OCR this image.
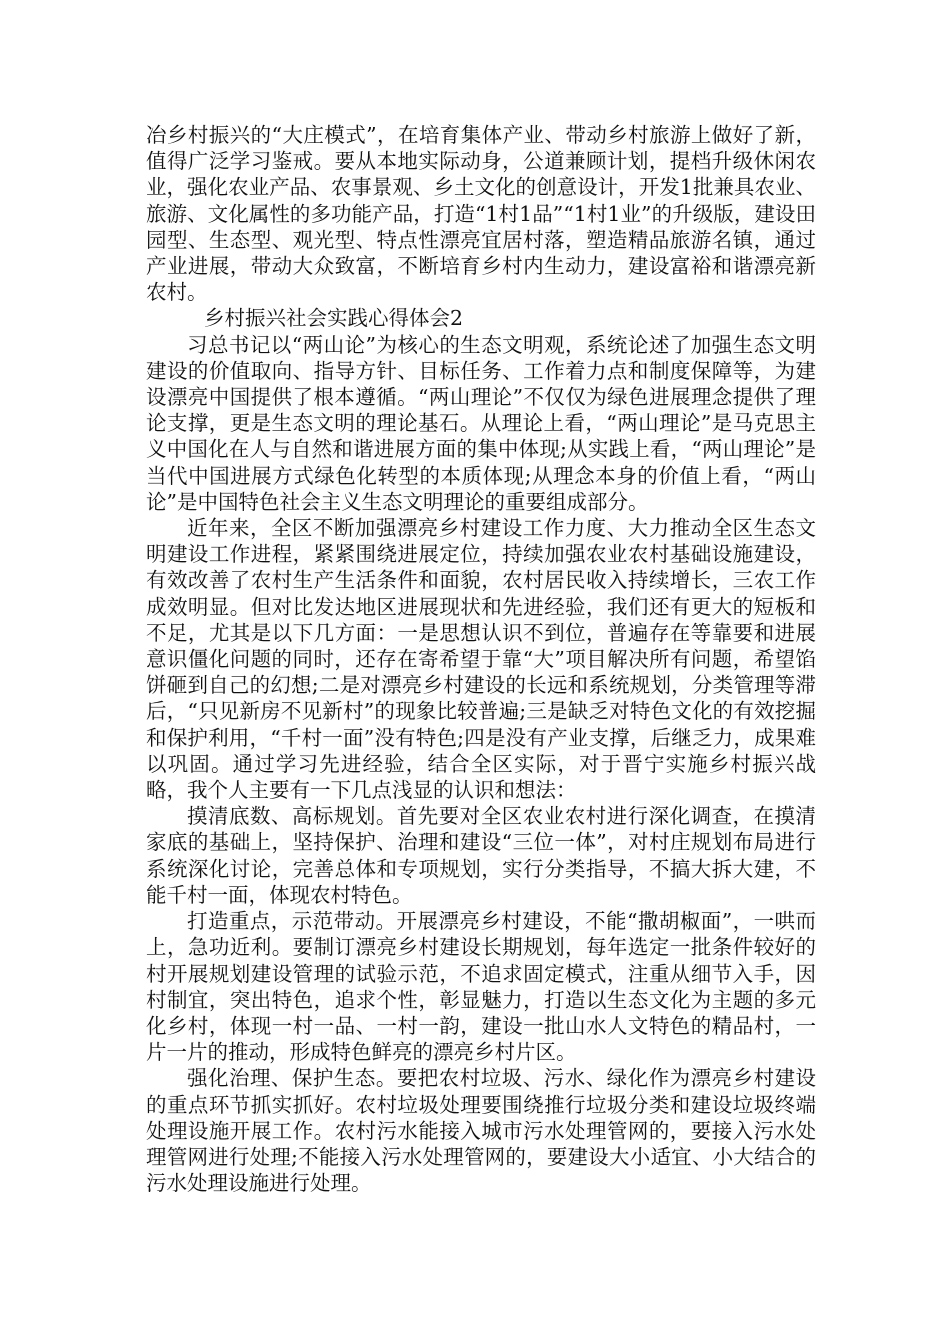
冶乡村振兴的“大庄模式”，在培育集体产业、带动乡村旅游上做好了新，值得广泛学习鉴戒。要从本地实际动身，公道兼顾计划，提档升级休闲农业，强化农业产品、农事景观、乡土文化的创意设计，开发1批兼具农业、旅游、文化属性的多功能产品，打造“1村1品”“1村1业”的升级版，建设田园型、生态型、观光型、特点性漂亮宜居村落，塑造精品旅游名镇，通过产业进展，带动大众致富，不断培育乡村内生动力，建设富裕和谐漂亮新农村。

乡村振兴社会实践心得体会2

习总书记以“两山论”为核心的生态文明观，系统论述了加强生态文明建设的价值取向、指导方针、目标任务、工作着力点和制度保障等，为建设漂亮中国提供了根本遵循。“两山理论”不仅仅为绿色进展理念提供了理论支撑，更是生态文明的理论基石。从理论上看，“两山理论”是马克思主义中国化在人与自然和谐进展方面的集中体现;从实践上看，“两山理论”是当代中国进展方式绿色化转型的本质体现;从理念本身的价值上看，“两山论”是中国特色社会主义生态文明理论的重要组成部分。

近年来，全区不断加强漂亮乡村建设工作力度、大力推动全区生态文明建设工作进程，紧紧围绕进展定位，持续加强农业农村基础设施建设，有效改善了农村生产生活条件和面貌，农村居民收入持续增长，三农工作成效明显。但对比发达地区进展现状和先进经验，我们还有更大的短板和不足，尤其是以下几方面：一是思想认识不到位，普遍存在等靠要和进展意识僵化问题的同时，还存在寄希望于靠“大”项目解决所有问题，希望馅饼砸到自己的幻想;二是对漂亮乡村建设的长远和系统规划，分类管理等滞后，“只见新房不见新村”的现象比较普遍;三是缺乏对特色文化的有效挖掘和保护利用，“千村一面”没有特色;四是没有产业支撑，后继乏力，成果难以巩固。通过学习先进经验，结合全区实际，对于晋宁实施乡村振兴战略，我个人主要有一下几点浅显的认识和想法：

摸清底数、高标规划。首先要对全区农业农村进行深化调查，在摸清家底的基础上，坚持保护、治理和建设“三位一体”，对村庄规划布局进行系统深化讨论，完善总体和专项规划，实行分类指导，不搞大拆大建，不能千村一面，体现农村特色。

打造重点，示范带动。开展漂亮乡村建设，不能“撒胡椒面”，一哄而上，急功近利。要制订漂亮乡村建设长期规划，每年选定一批条件较好的村开展规划建设管理的试验示范，不追求固定模式，注重从细节入手，因村制宜，突出特色，追求个性，彰显魅力，打造以生态文化为主题的多元化乡村，体现一村一品、一村一韵，建设一批山水人文特色的精品村，一片一片的推动，形成特色鲜亮的漂亮乡村片区。

强化治理、保护生态。要把农村垃圾、污水、绿化作为漂亮乡村建设的重点环节抓实抓好。农村垃圾处理要围绕推行垃圾分类和建设垃圾终端处理设施开展工作。农村污水能接入城市污水处理管网的，要接入污水处理管网进行处理;不能接入污水处理管网的，要建设大小适宜、小大结合的污水处理设施进行处理。
